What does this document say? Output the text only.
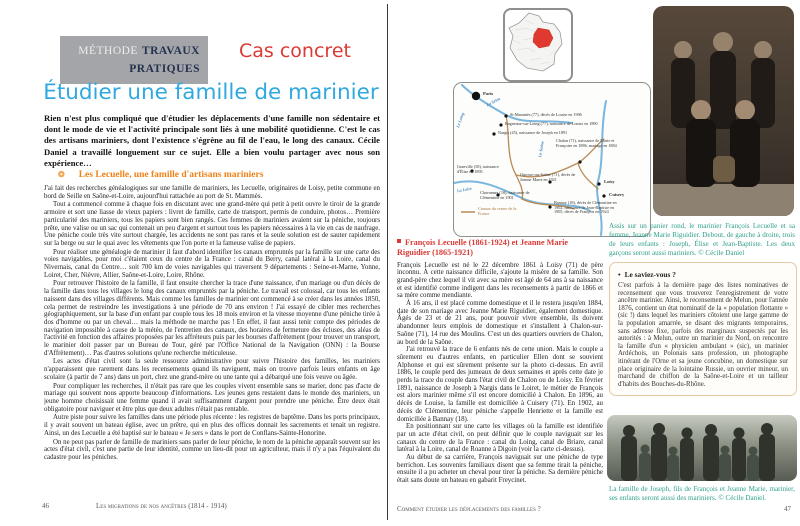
MÉTHODE TRAVAUX
PRATIQUES
Cas concret
Étudier une famille de marinier
Rien n'est plus compliqué que d'étudier les déplacements d'une famille non sédentaire et dont le mode de vie et l'activité principale sont liés à une mobilité quotidienne. C'est le cas des artisans mariniers, dont l'existence s'égrène au fil de l'eau, le long des canaux. Cécile Daniel a travaillé longuement sur ce sujet. Elle a bien voulu partager avec nous son expérience…
❂ Les Lecuelle, une famille d'artisans mariniers

J'ai fait des recherches généalogiques sur une famille de mariniers, les Lecuelle, originaires de Loisy, petite commune en bord de Seille en Saône-et-Loire, aujourd'hui rattachée au port de St. Mammès.

Tout a commencé comme à chaque fois en discutant avec une grand-mère qui petit à petit ouvre le tiroir de la grande armoire et sort une liasse de vieux papiers : livret de famille, carte de transport, permis de conduire, photos… Première particularité des mariniers, tous les papiers sont bien rangés. Ces femmes de mariniers avaient sur la péniche, toujours prête, une valise ou un sac qui contenait un peu d'argent et surtout tous les papiers nécessaires à la vie en cas de naufrage. Une péniche coule très vite surtout chargée, les accidents ne sont pas rares et la seule solution est de sauter rapidement sur la berge ou sur le quai avec les vêtements que l'on porte et la fameuse valise de papiers.

Pour réaliser une généalogie de marinier il faut d'abord identifier les canaux empruntés par la famille sur une carte des voies navigables, pour moi c'étaient ceux du centre de la France : canal du Berry, canal latéral à la Loire, canal du Nivernais, canal du Centre… soit 700 km de voies navigables qui traversent 9 départements : Seine-et-Marne, Yonne, Loiret, Cher, Nièvre, Allier, Saône-et-Loire, Loire, Rhône.

Pour retrouver l'histoire de la famille, il faut ensuite chercher la trace d'une naissance, d'un mariage ou d'un décès de la famille dans tous les villages le long des canaux empruntés par la péniche. Le travail est colossal, car tous les enfants naissent dans des villages différents. Mais comme les familles de marinier ont commencé à se créer dans les années 1850, cela permet de restreindre les investigations à une période de 70 ans environ ! J'ai essayé de cibler mes recherches géographiquement, sur la base d'un enfant par couple tous les 18 mois environ et la vitesse moyenne d'une péniche tirée à dos d'homme ou par un cheval… mais la méthode ne marche pas ! En effet, il faut aussi tenir compte des périodes de navigation impossible à cause de la météo, de l'entretien des canaux, des horaires de fermeture des écluses, des aléas de l'activité en fonction des affaires proposées par les affréteurs puis par les bourses d'affrètement (pour trouver un transport, le marinier doit passer par un Bureau de Tour, géré par l'Office National de la Navigation (ONN) : la Bourse d'Affrètement)… Pas d'autres solutions qu'une recherche méticuleuse.

Les actes d'état civil sont la seule ressource administrative pour suivre l'histoire des familles, les mariniers n'apparaissent que rarement dans les recensements quand ils naviguent, mais on trouve parfois leurs enfants en âge scolaire (à partir de 7 ans) dans un port, chez une grand-mère ou une tante qui a débarqué une fois veuve ou âgée.

Pour compliquer les recherches, il n'était pas rare que les couples vivent ensemble sans se marier, donc pas d'acte de mariage qui souvent nous apporte beaucoup d'informations. Les jeunes gens restaient dans le monde des mariniers, un jeune homme choisissait une femme quand il avait suffisamment d'argent pour prendre une péniche. Être deux était obligatoire pour naviguer et être plus que deux adultes n'était pas rentable.

Autre piste pour suivre les familles dans une période plus récente : les registres de baptême. Dans les ports principaux, il y avait souvent un bateau église, avec un prêtre, qui en plus des offices donnait les sacrements et tenait un registre. Ainsi, un des Lecuelle a été baptisé sur le bateau « Je sers » dans le port de Conflans-Sainte-Honorine.

On ne peut pas parler de famille de mariniers sans parler de leur péniche, le nom de la péniche apparaît souvent sur les actes d'état civil, c'est une partie de leur identité, comme un lieu-dit pour un agriculteur, mais il n'y a pas l'équivalent du cadastre pour les péniches.

46	Les migrations de nos ancêtres (1814 - 1914)
Paris
La Seine
Le Loing
La Loire
La Saône
St-Mammès (77), décès de Louise en 1906
Bagneaux-sur-Loing (77), naissance de Louise en 1890
Nargis (45), naissance de Joseph en 1891
Chalon (71), naissance de Marie et Françoise en 1886, mariage en 1884
Ouroux-sur-Saône (71), décès de Jeanne Marie en 1921
Granville (58), naissance d'Élise en 1895
Chavannes (18), naissance de Clémentine en 1901
Bannay (18), décès de Clémentine en 1902, naissance de Jean-Baptiste en 1905, décès de François en 1924
Loisy
Cuisery
Canaux du centre de la France
Assis sur un panier rond, le marinier François Lecuelle et sa femme, Jeanne Marie Riguidier. Debout, de gauche à droite, trois de leurs enfants : Joseph, Élise et Jean-Baptiste. Les deux garçons seront aussi mariniers. © Cécile Daniel
François Lecuelle (1861-1924) et Jeanne Marie Riguidier (1865-1921)

François Lecuelle est né le 22 décembre 1861 à Loisy (71) de père inconnu. À cette naissance difficile, s'ajoute la misère de sa famille. Son grand-père chez lequel il vit avec sa mère est âgé de 64 ans à sa naissance et est identifié comme indigent dans les recensements à partir de 1866 et sa mère comme mendiante.

À 16 ans, il est placé comme domestique et il le restera jusqu'en 1884, date de son mariage avec Jeanne Marie Riguidier, également domestique. Âgés de 23 et de 21 ans, pour pouvoir vivre ensemble, ils doivent abandonner leurs emplois de domestique et s'installent à Chalon-sur-Saône (71), 14 rue des Moulins. C'est un des quartiers ouvriers de Chalon, au bord de la Saône.

J'ai retrouvé la trace de 6 enfants nés de cette union. Mais le couple a sûrement eu d'autres enfants, en particulier Ellen dont se souvient Alphonse et qui est sûrement présente sur la photo ci-dessus. En avril 1886, le couple perd des jumeaux de deux semaines et après cette date je perds la trace du couple dans l'état civil de Chalon ou de Loisy. En février 1891, naissance de Joseph à Nargis dans le Loiret, le métier de François est alors marinier même s'il est encore domicilié à Chalon. En 1896, au décès de Louise, la famille est domiciliée à Cuisery (71). En 1902, au décès de Clémentine, leur péniche s'appelle Henriette et la famille est domiciliée à Bannay (18).

En positionnant sur une carte les villages où la famille est identifiée par un acte d'état civil, on peut définir que le couple naviguait sur les canaux du centre de la France : canal du Loing, canal de Briare, canal latéral à la Loire, canal de Roanne à Digoin (voir la carte ci-dessus).

Au début de sa carrière, François naviguait sur une péniche de type berrichon. Les souvenirs familiaux disent que sa femme tirait la péniche, ensuite il a pu acheter un cheval pour tirer la péniche. Sa dernière péniche était sans doute un bateau en gabarit Freycinet.

• Le saviez-vous ?
C'est parfois à la dernière page des listes nominatives de recensement que vous trouverez l'enregistrement de votre ancêtre marinier. Ainsi, le recensement de Melun, pour l'année 1876, contient un état nominatif de la « population flottante » (sic !) dans lequel les mariniers côtoient une large gamme de la population amarrée, se disant des migrants temporaires, sans adresse fixe, parfois des marginaux suspectés par les autorités : à Melun, outre un marinier du Nord, on rencontre la famille d'un « physicien ambulant » (sic), un marinier Ardéchois, un Polonais sans profession, un photographe itinérant de l'Orne et sa jeune concubine, un domestique sur place originaire de la lointaine Russie, un ouvrier mineur, un marchand de chiffon de la Saône-et-Loire et un tailleur d'habits des Bouches-du-Rhône.
La famille de Joseph, fils de François et Jeanne Marie, marinier, ses enfants seront aussi des mariniers. © Cécile Daniel.
Comment étudier les déplacements des familles ?	47
